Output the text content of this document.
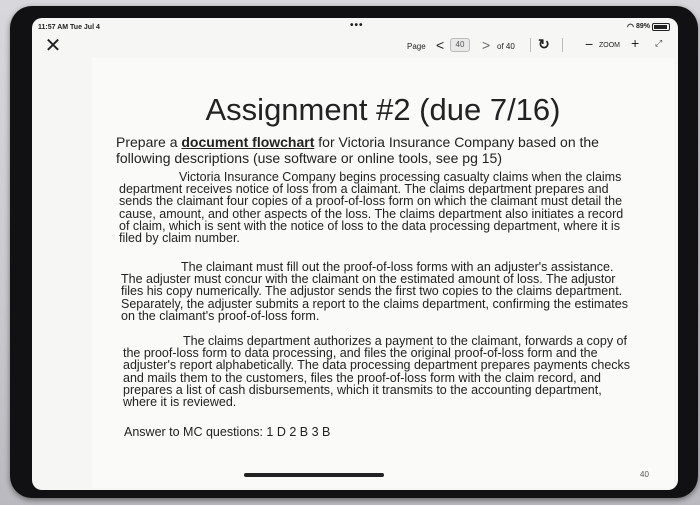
11:57 AM Tue Jul 4	•••	◠ 89%
✕	Page <	40	> of 40 ↻	− ZOOM + ⤢
Assignment #2 (due 7/16)
Prepare a document flowchart for Victoria Insurance Company based on the following descriptions (use software or online tools, see pg 15)

Victoria Insurance Company begins processing casualty claims when the claims department receives notice of loss from a claimant. The claims department prepares and sends the claimant four copies of a proof-of-loss form on which the claimant must detail the cause, amount, and other aspects of the loss. The claims department also initiates a record of claim, which is sent with the notice of loss to the data processing department, where it is filed by claim number.

The claimant must fill out the proof-of-loss forms with an adjuster's assistance. The adjuster must concur with the claimant on the estimated amount of loss. The adjustor files his copy numerically. The adjustor sends the first two copies to the claims department. Separately, the adjuster submits a report to the claims department, confirming the estimates on the claimant's proof-of-loss form.

The claims department authorizes a payment to the claimant, forwards a copy of the proof-loss form to data processing, and files the original proof-of-loss form and the adjuster's report alphabetically. The data processing department prepares payments checks and mails them to the customers, files the proof-of-loss form with the claim record, and prepares a list of cash disbursements, which it transmits to the accounting department, where it is reviewed.

Answer to MC questions: 1 D 2 B 3 B
40
